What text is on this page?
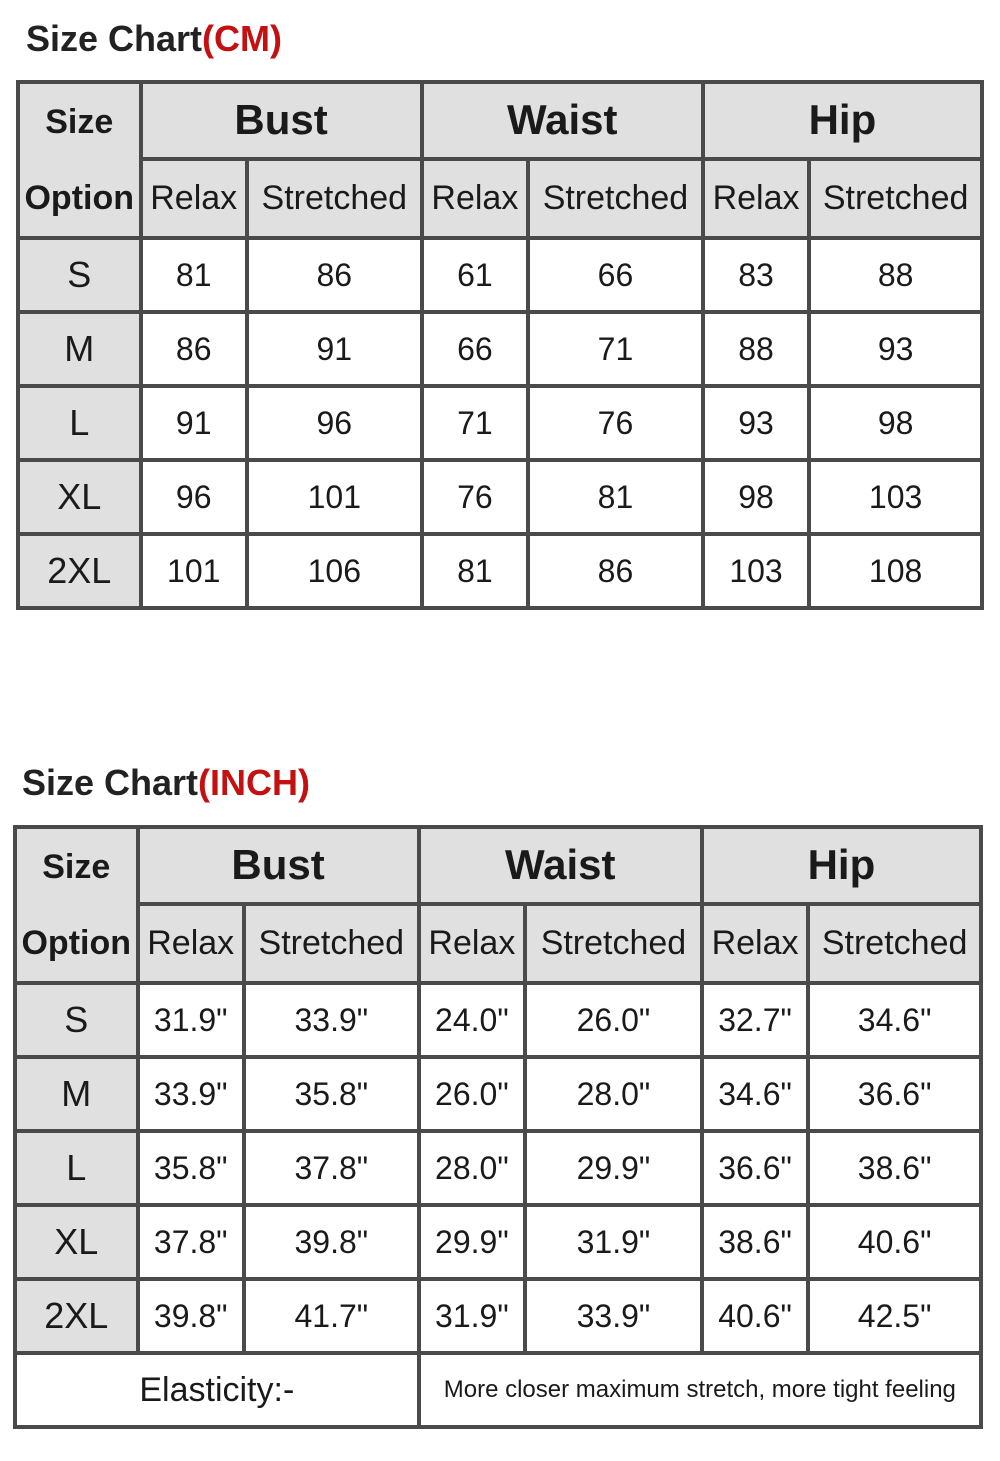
Size Chart(CM)
Size
Option	Bust		Waist		Hip	
	Relax	Stretched	Relax	Stretched	Relax	Stretched
S	81	86	61	66	83	88
M	86	91	66	71	88	93
L	91	96	71	76	93	98
XL	96	101	76	81	98	103
2XL	101	106	81	86	103	108
Size Chart(INCH)
Size
Option	Bust		Waist		Hip	
	Relax	Stretched	Relax	Stretched	Relax	Stretched
S	31.9"	33.9"	24.0"	26.0"	32.7"	34.6"
M	33.9"	35.8"	26.0"	28.0"	34.6"	36.6"
L	35.8"	37.8"	28.0"	29.9"	36.6"	38.6"
XL	37.8"	39.8"	29.9"	31.9"	38.6"	40.6"
2XL	39.8"	41.7"	31.9"	33.9"	40.6"	42.5"
Elasticity:-			More closer maximum stretch, more tight feeling			
